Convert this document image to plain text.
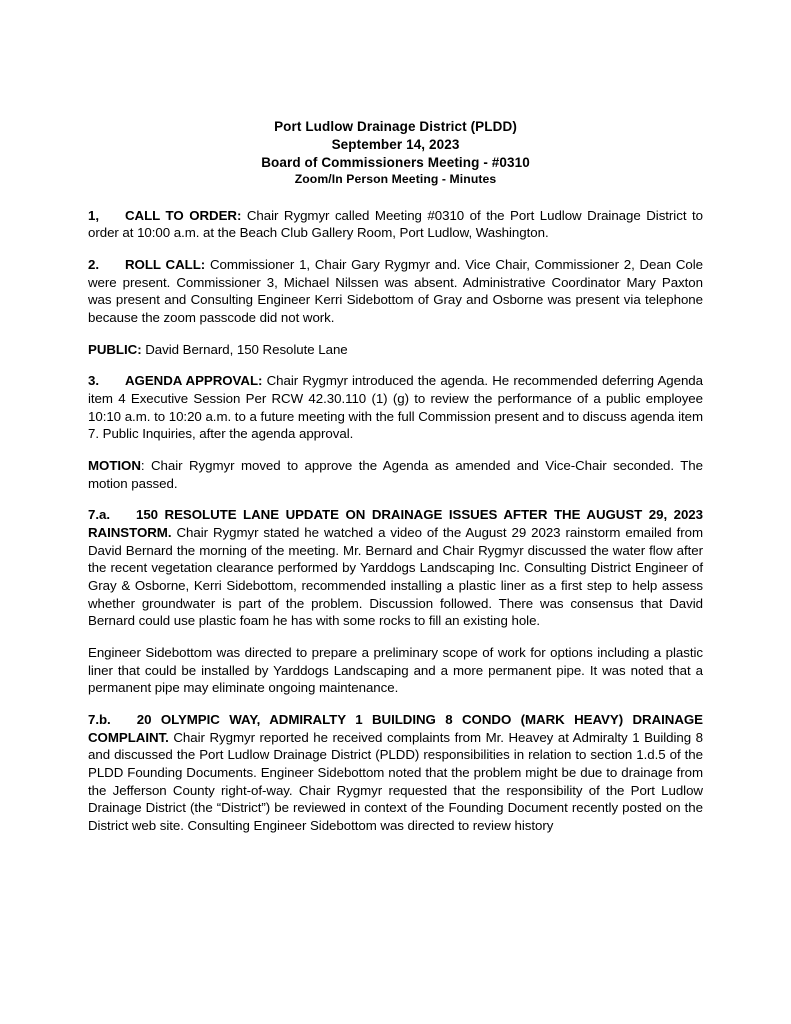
Port Ludlow Drainage District (PLDD)
September 14, 2023
Board of Commissioners Meeting - #0310
Zoom/In Person Meeting - Minutes

1, CALL TO ORDER: Chair Rygmyr called Meeting #0310 of the Port Ludlow Drainage District to order at 10:00 a.m. at the Beach Club Gallery Room, Port Ludlow, Washington.

2. ROLL CALL: Commissioner 1, Chair Gary Rygmyr and. Vice Chair, Commissioner 2, Dean Cole were present. Commissioner 3, Michael Nilssen was absent. Administrative Coordinator Mary Paxton was present and Consulting Engineer Kerri Sidebottom of Gray and Osborne was present via telephone because the zoom passcode did not work.

PUBLIC: David Bernard, 150 Resolute Lane

3. AGENDA APPROVAL: Chair Rygmyr introduced the agenda. He recommended deferring Agenda item 4 Executive Session Per RCW 42.30.110 (1) (g) to review the performance of a public employee 10:10 a.m. to 10:20 a.m. to a future meeting with the full Commission present and to discuss agenda item 7. Public Inquiries, after the agenda approval.

MOTION: Chair Rygmyr moved to approve the Agenda as amended and Vice-Chair seconded. The motion passed.

7.a. 150 RESOLUTE LANE UPDATE ON DRAINAGE ISSUES AFTER THE AUGUST 29, 2023 RAINSTORM. Chair Rygmyr stated he watched a video of the August 29 2023 rainstorm emailed from David Bernard the morning of the meeting. Mr. Bernard and Chair Rygmyr discussed the water flow after the recent vegetation clearance performed by Yarddogs Landscaping Inc. Consulting District Engineer of Gray & Osborne, Kerri Sidebottom, recommended installing a plastic liner as a first step to help assess whether groundwater is part of the problem. Discussion followed. There was consensus that David Bernard could use plastic foam he has with some rocks to fill an existing hole.

Engineer Sidebottom was directed to prepare a preliminary scope of work for options including a plastic liner that could be installed by Yarddogs Landscaping and a more permanent pipe. It was noted that a permanent pipe may eliminate ongoing maintenance.

7.b. 20 OLYMPIC WAY, ADMIRALTY 1 BUILDING 8 CONDO (MARK HEAVY) DRAINAGE COMPLAINT. Chair Rygmyr reported he received complaints from Mr. Heavey at Admiralty 1 Building 8 and discussed the Port Ludlow Drainage District (PLDD) responsibilities in relation to section 1.d.5 of the PLDD Founding Documents. Engineer Sidebottom noted that the problem might be due to drainage from the Jefferson County right-of-way. Chair Rygmyr requested that the responsibility of the Port Ludlow Drainage District (the “District”) be reviewed in context of the Founding Document recently posted on the District web site. Consulting Engineer Sidebottom was directed to review history
